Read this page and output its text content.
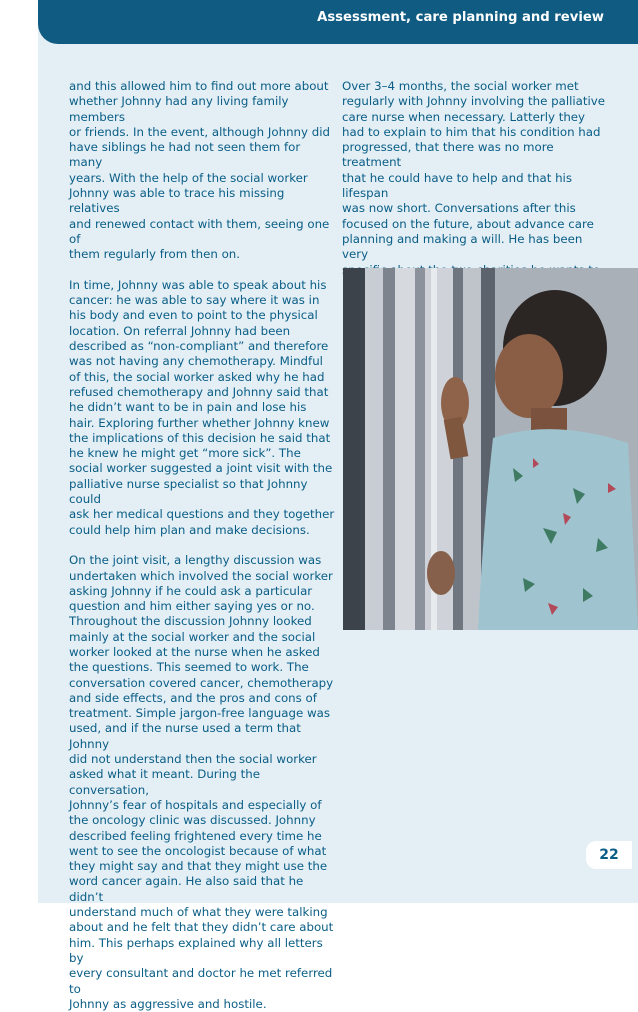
Assessment, care planning and review

and this allowed him to find out more about
whether Johnny had any living family members
or friends. In the event, although Johnny did
have siblings he had not seen them for many
years. With the help of the social worker
Johnny was able to trace his missing relatives
and renewed contact with them, seeing one of
them regularly from then on.

In time, Johnny was able to speak about his
cancer: he was able to say where it was in
his body and even to point to the physical
location. On referral Johnny had been
described as “non-compliant” and therefore
was not having any chemotherapy. Mindful
of this, the social worker asked why he had
refused chemotherapy and Johnny said that
he didn’t want to be in pain and lose his
hair. Exploring further whether Johnny knew
the implications of this decision he said that
he knew he might get “more sick”. The
social worker suggested a joint visit with the
palliative nurse specialist so that Johnny could
ask her medical questions and they together
could help him plan and make decisions.

On the joint visit, a lengthy discussion was
undertaken which involved the social worker
asking Johnny if he could ask a particular
question and him either saying yes or no.
Throughout the discussion Johnny looked
mainly at the social worker and the social
worker looked at the nurse when he asked
the questions. This seemed to work. The
conversation covered cancer, chemotherapy
and side effects, and the pros and cons of
treatment. Simple jargon-free language was
used, and if the nurse used a term that Johnny
did not understand then the social worker
asked what it meant. During the conversation,
Johnny’s fear of hospitals and especially of
the oncology clinic was discussed. Johnny
described feeling frightened every time he
went to see the oncologist because of what
they might say and that they might use the
word cancer again. He also said that he didn’t
understand much of what they were talking
about and he felt that they didn’t care about
him. This perhaps explained why all letters by
every consultant and doctor he met referred to
Johnny as aggressive and hostile.

Over 3–4 months, the social worker met
regularly with Johnny involving the palliative
care nurse when necessary. Latterly they
had to explain to him that his condition had
progressed, that there was no more treatment
that he could have to help and that his lifespan
was now short. Conversations after this
focused on the future, about advance care
planning and making a will. He has been very

22
